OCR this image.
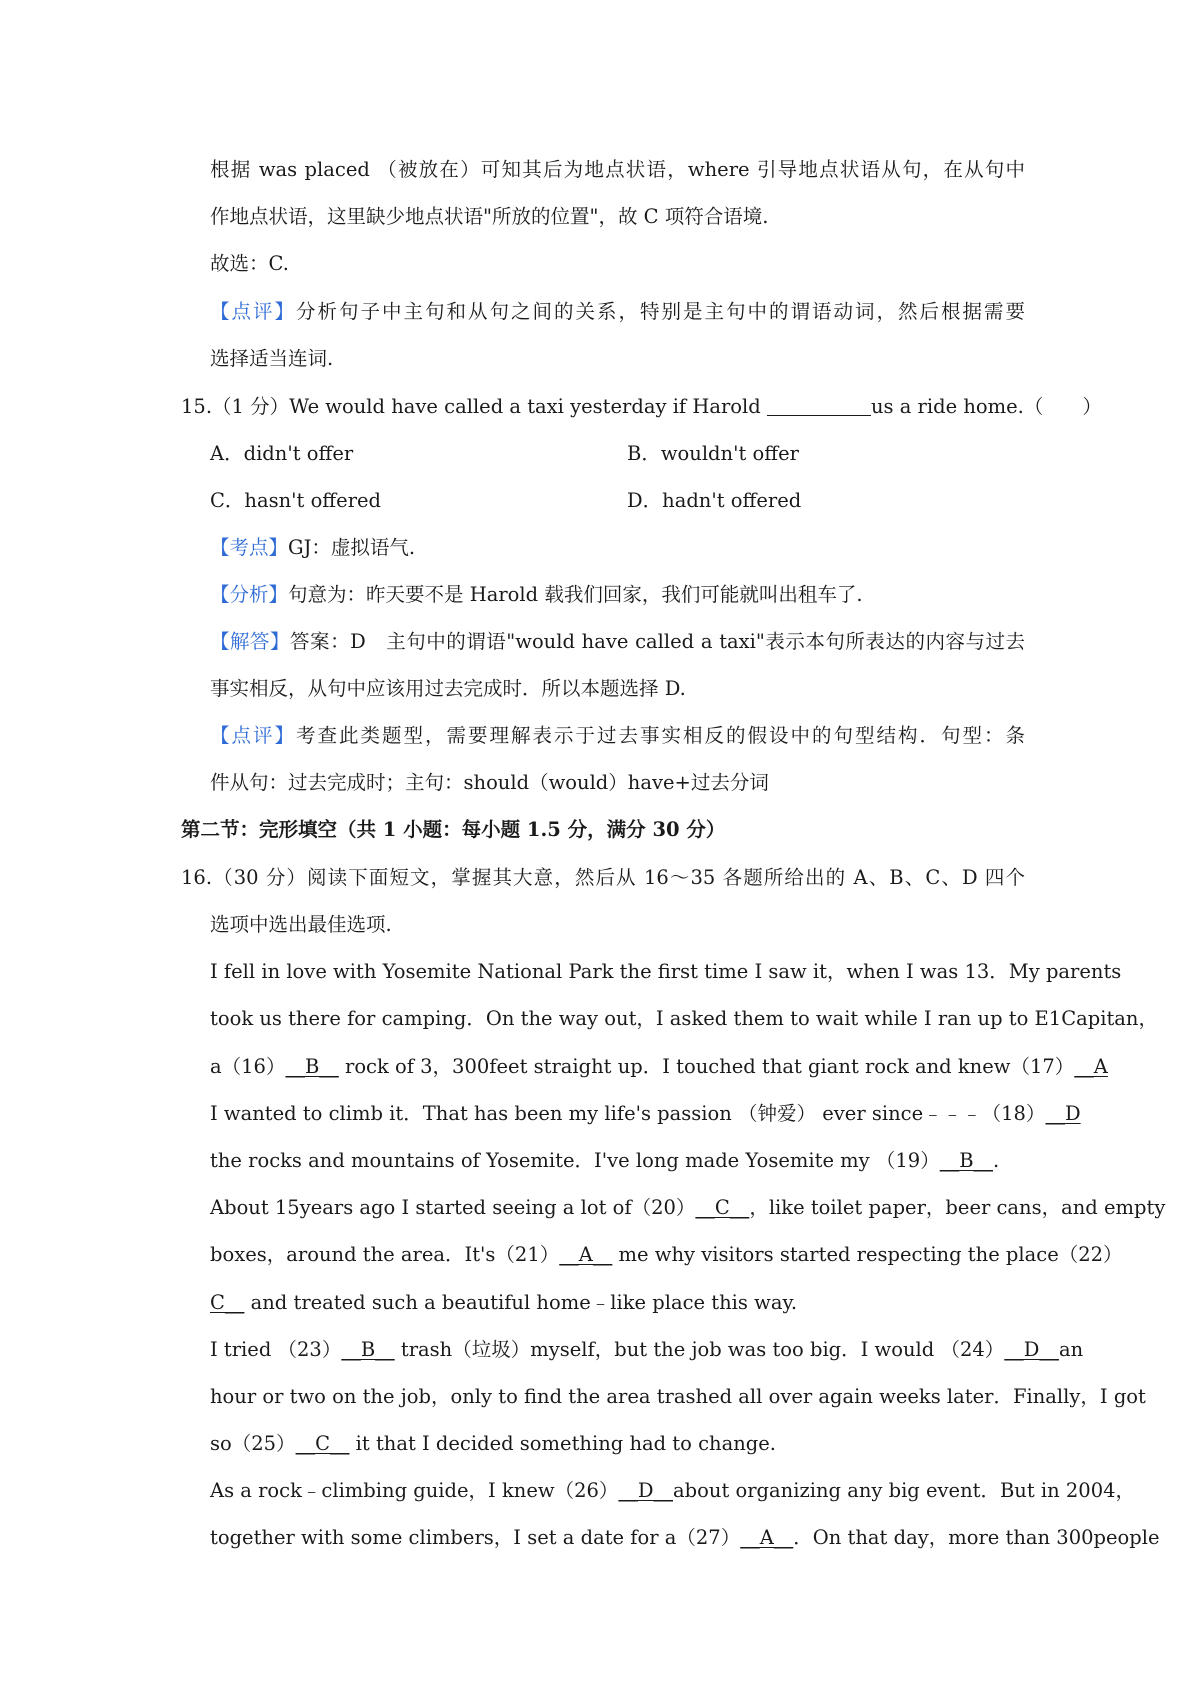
根据 was placed （被放在）可知其后为地点状语，where 引导地点状语从句，在从句中
作地点状语，这里缺少地点状语"所放的位置"，故 C 项符合语境.
故选：C.
【点评】分析句子中主句和从句之间的关系，特别是主句中的谓语动词，然后根据需要
选择适当连词.
15.（1 分）We would have called a taxi yesterday if Harold	us a ride home.（　　）
A．didn't offer	B．wouldn't offer
C．hasn't offered	D．hadn't offered
【考点】GJ：虚拟语气.
【分析】句意为：昨天要不是 Harold 载我们回家，我们可能就叫出租车了.
【解答】答案：D　主句中的谓语"would have called a taxi"表示本句所表达的内容与过去
事实相反，从句中应该用过去完成时．所以本题选择 D.
【点评】考查此类题型，需要理解表示于过去事实相反的假设中的句型结构．句型：条
件从句：过去完成时；主句：should（would）have+过去分词
第二节：完形填空（共 1 小题：每小题 1.5 分，满分 30 分）
16.（30 分）阅读下面短文，掌握其大意，然后从 16～35 各题所给出的 A、B、C、D 四个
选项中选出最佳选项.
I fell in love with Yosemite National Park the first time I saw it，when I was 13．My parents
took us there for camping．On the way out，I asked them to wait while I ran up to E1Capitan，
a（16）__B__ rock of 3，300feet straight up．I touched that giant rock and knew（17）__A
I wanted to climb it．That has been my life's passion （钟爱） ever since﹣﹣﹣（18）__D
the rocks and mountains of Yosemite．I've long made Yosemite my （19）__B__.
About 15years ago I started seeing a lot of（20）__C__，like toilet paper，beer cans，and empty
boxes，around the area．It's（21）__A__ me why visitors started respecting the place（22）
C__ and treated such a beautiful home﹣like place this way.
I tried （23）__B__ trash（垃圾）myself，but the job was too big．I would （24）__D__an
hour or two on the job，only to find the area trashed all over again weeks later．Finally，I got
so（25）__C__ it that I decided something had to change.
As a rock﹣climbing guide，I knew（26）__D__about organizing any big event．But in 2004，
together with some climbers，I set a date for a（27）__A__．On that day，more than 300people
